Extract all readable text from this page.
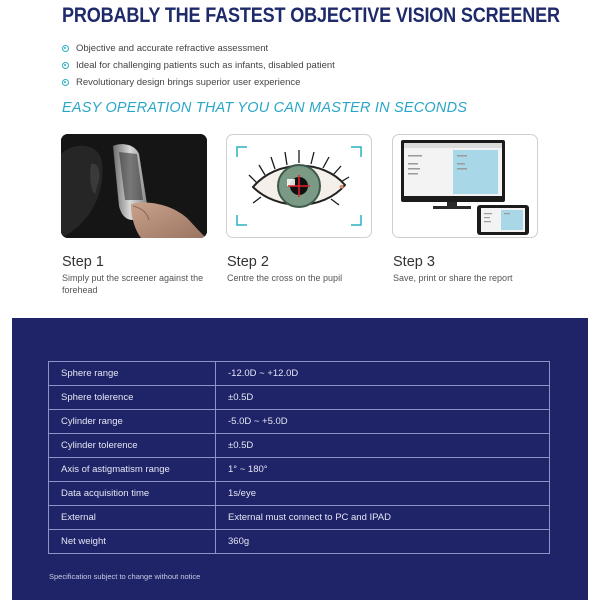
PROBABLY THE FASTEST OBJECTIVE VISION SCREENER
Objective and accurate refractive assessment
Ideal for challenging patients such as infants, disabled patient
Revolutionary design brings superior user experience
EASY OPERATION THAT YOU CAN MASTER IN SECONDS
Step 1
Simply put the screener against the forehead
Step 2
Centre the cross on the pupil
Step 3
Save, print or share the report
Sphere range	-12.0D ~ +12.0D
Sphere tolerence	±0.5D
Cylinder range	-5.0D ~ +5.0D
Cylinder tolerence	±0.5D
Axis of astigmatism range	1° ~ 180°
Data acquisition time	1s/eye
External	External must connect to PC and IPAD
Net weight	360g
Specification subject to change without notice
